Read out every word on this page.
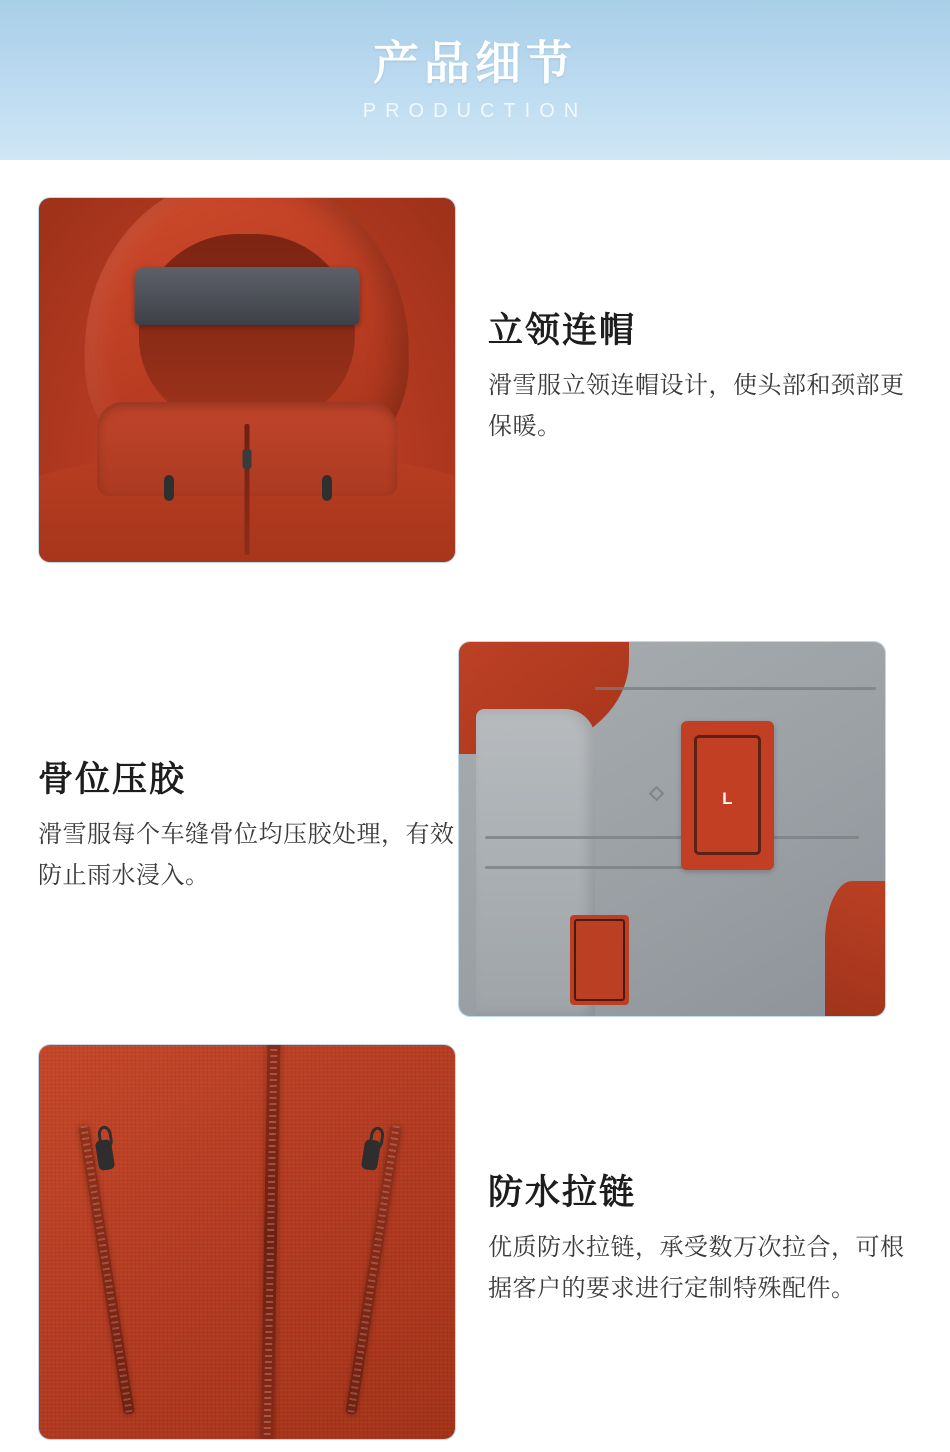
产品细节
PRODUCTION
立领连帽

滑雪服立领连帽设计，使头部和颈部更保暖。

骨位压胶

滑雪服每个车缝骨位均压胶处理，有效防止雨水浸入。

L
防水拉链

优质防水拉链，承受数万次拉合，可根据客户的要求进行定制特殊配件。
